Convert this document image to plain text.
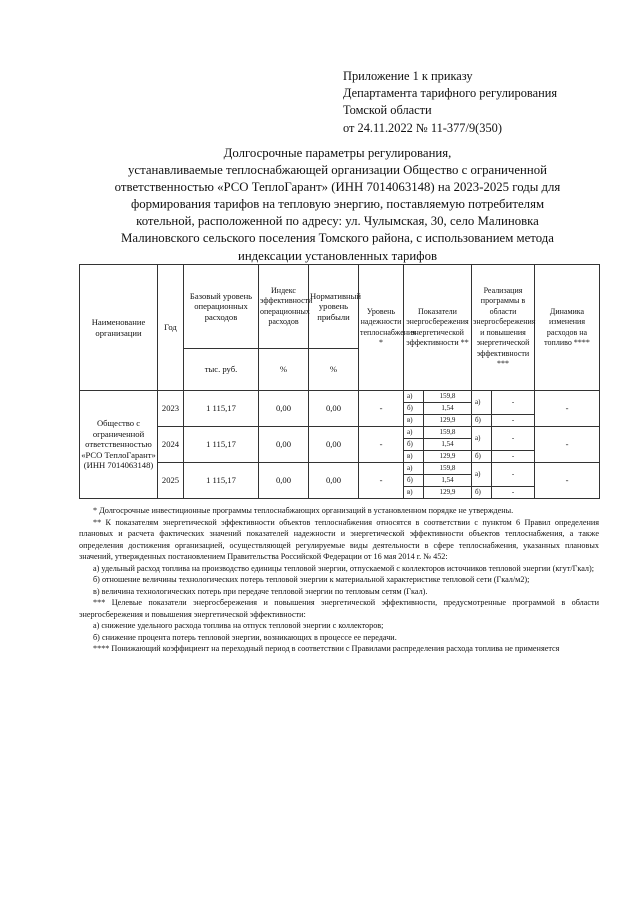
Приложение 1 к приказу
Департамента тарифного регулирования
Томской области
от 24.11.2022 № 11-377/9(350)
Долгосрочные параметры регулирования,
устанавливаемые теплоснабжающей организации Общество с ограниченной
ответственностью «РСО ТеплоГарант» (ИНН 7014063148) на 2023-2025 годы для
формирования тарифов на тепловую энергию, поставляемую потребителям
котельной, расположенной по адресу: ул. Чулымская, 30, село Малиновка
Малиновского сельского поселения Томского района, с использованием метода
индексации установленных тарифов
Наименование организации	Год	Базовый уровень операционных расходов	Индекс эффективности операционных расходов	Нормативный уровень прибыли	Уровень надежности теплоснабжения *	Показатели энергосбережения энергетической эффективности **		Реализация программы в области энергосбережения и повышения энергетической эффективности ***		Динамика изменения расходов на топливо ****
		тыс. руб.	%	%						
Общество с ограниченной ответственностью «РСО ТеплоГарант» (ИНН 7014063148)	2023	1 115,17	0,00	0,00	-	а)	159,8	а)	-	-
						б)	1,54			
						в)	129,9	б)	-	
	2024	1 115,17	0,00	0,00	-	а)	159,8	а)	-	-
						б)	1,54			
						в)	129,9	б)	-	
	2025	1 115,17	0,00	0,00	-	а)	159,8	а)	-	-
						б)	1,54			
						в)	129,9	б)	-	

* Долгосрочные инвестиционные программы теплоснабжающих организаций в установленном порядке не утверждены.

** К показателям энергетической эффективности объектов теплоснабжения относятся в соответствии с пунктом 6 Правил определения плановых и расчета фактических значений показателей надежности и энергетической эффективности объектов теплоснабжения, а также определения достижения организацией, осуществляющей регулируемые виды деятельности в сфере теплоснабжения, указанных плановых значений, утвержденных постановлением Правительства Российской Федерации от 16 мая 2014 г. № 452:

а) удельный расход топлива на производство единицы тепловой энергии, отпускаемой с коллекторов источников тепловой энергии (кгут/Гкал);

б) отношение величины технологических потерь тепловой энергии к материальной характеристике тепловой сети (Гкал/м2);

в) величина технологических потерь при передаче тепловой энергии по тепловым сетям (Гкал).

*** Целевые показатели энергосбережения и повышения энергетической эффективности, предусмотренные программой в области энергосбережения и повышения энергетической эффективности:

а) снижение удельного расхода топлива на отпуск тепловой энергии с коллекторов;

б) снижение процента потерь тепловой энергии, возникающих в процессе ее передачи.

**** Понижающий коэффициент на переходный период в соответствии с Правилами распределения расхода топлива не применяется
